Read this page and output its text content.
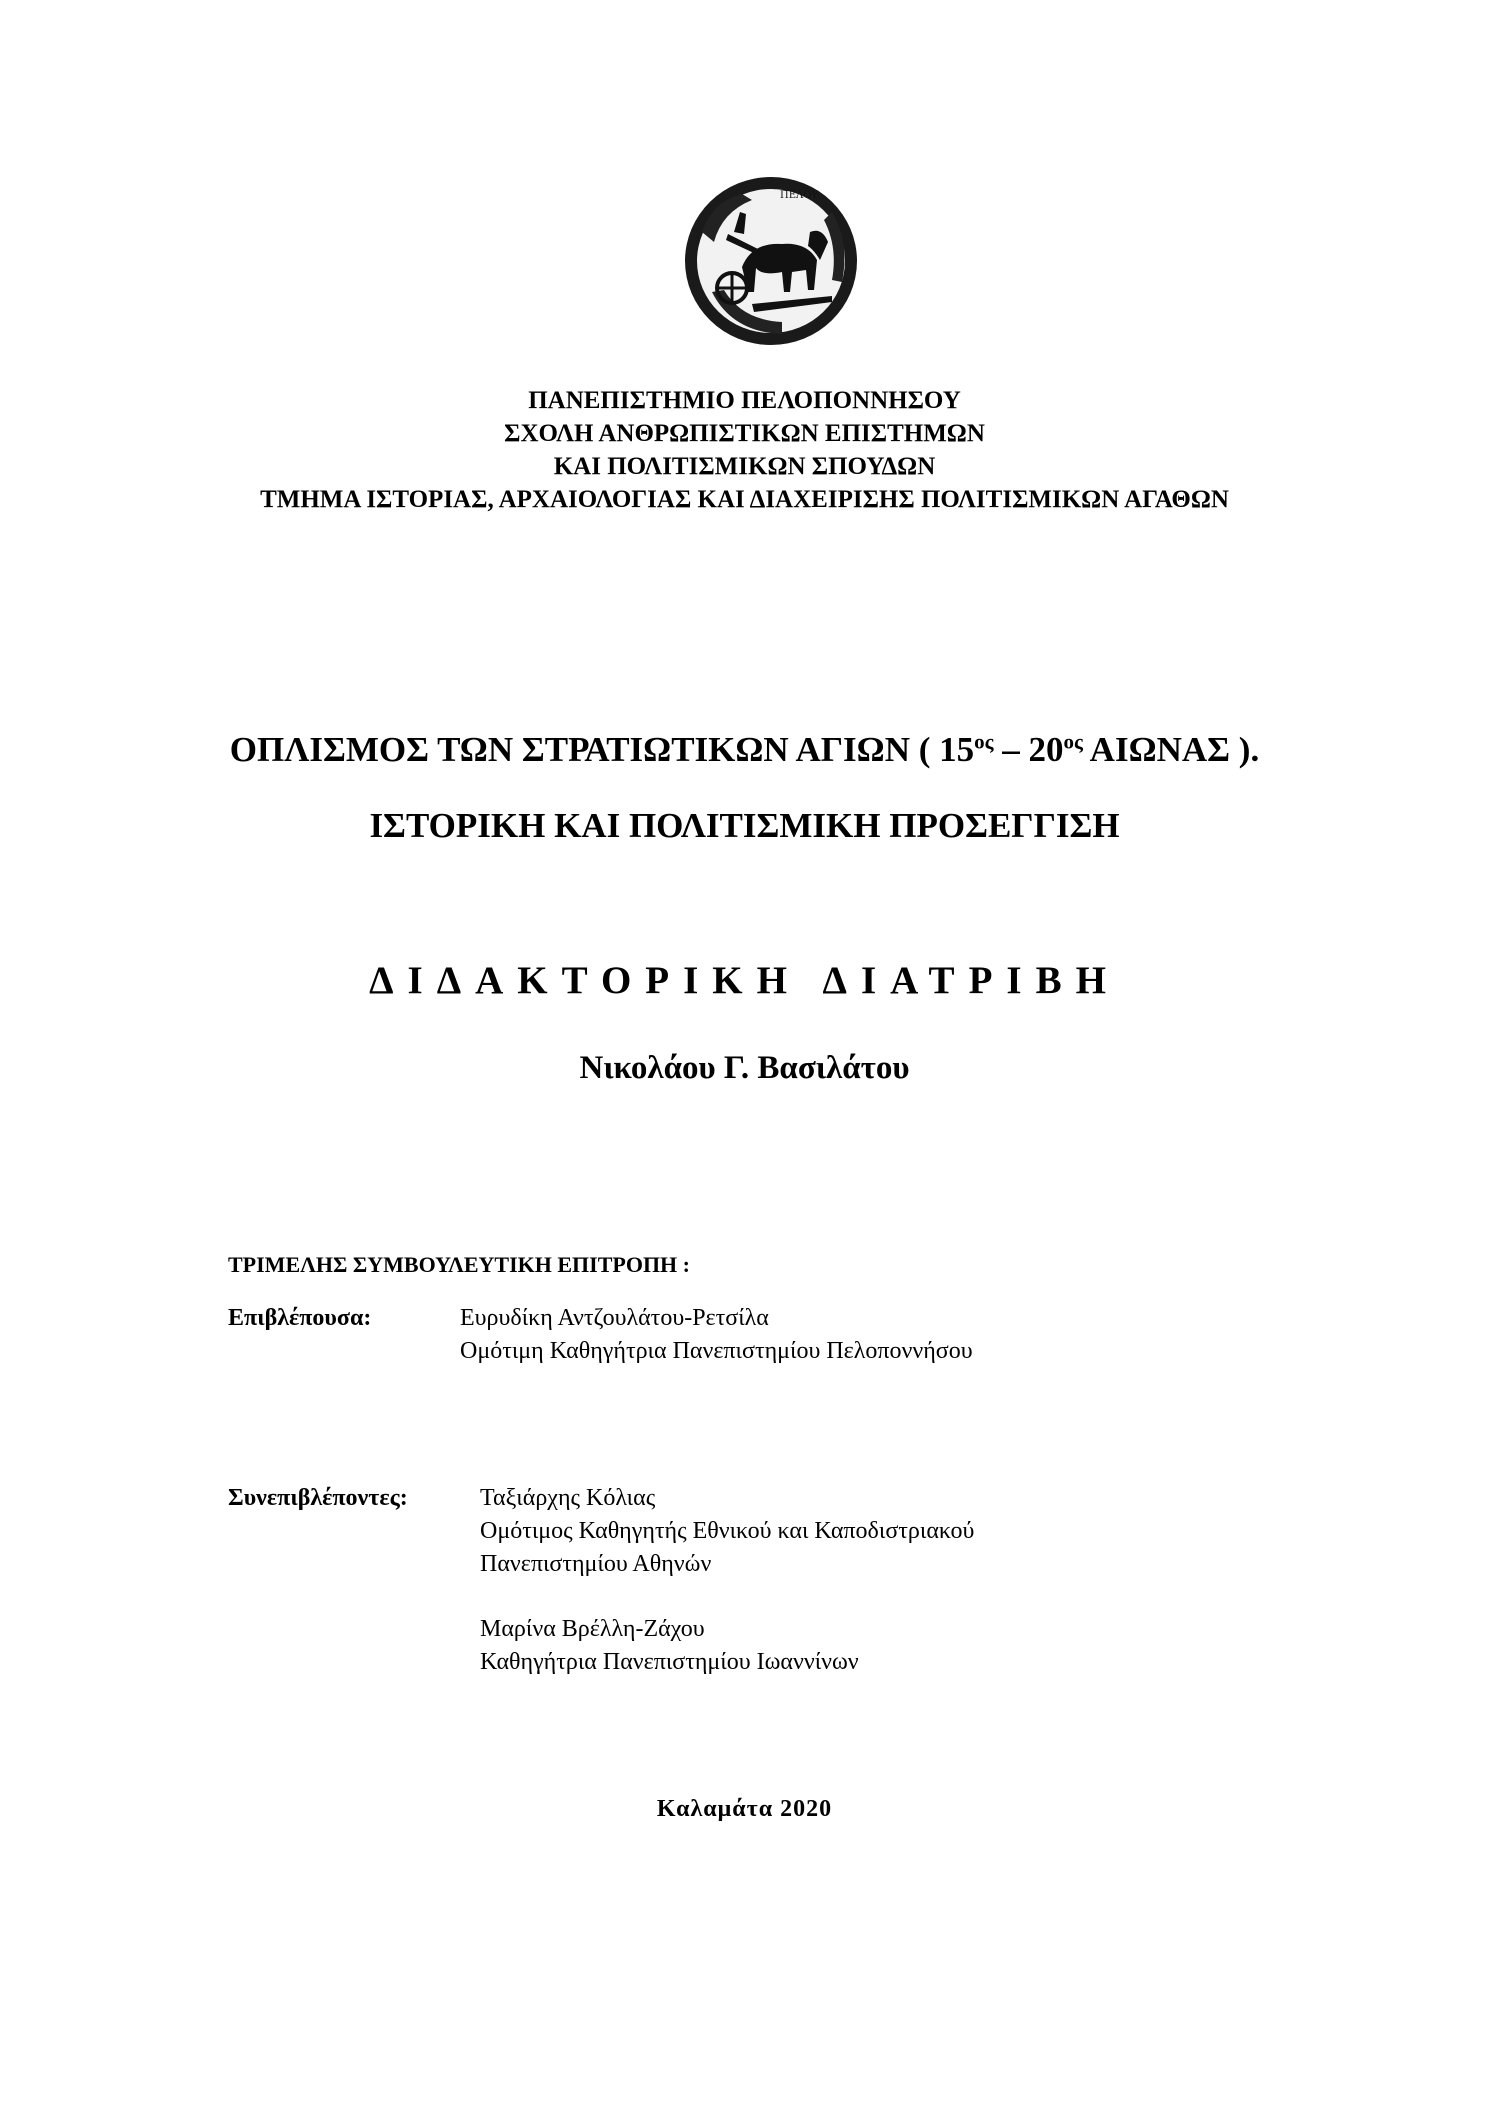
ΠΕΛΟΥ
ΠΑΝΕΠΙΣΤΗΜΙΟ ΠΕΛΟΠΟΝΝΗΣΟΥ
ΣΧΟΛΗ ΑΝΘΡΩΠΙΣΤΙΚΩΝ ΕΠΙΣΤΗΜΩΝ
ΚΑΙ ΠΟΛΙΤΙΣΜΙΚΩΝ ΣΠΟΥΔΩΝ
ΤΜΗΜΑ ΙΣΤΟΡΙΑΣ, ΑΡΧΑΙΟΛΟΓΙΑΣ ΚΑΙ ΔΙΑΧΕΙΡΙΣΗΣ ΠΟΛΙΤΙΣΜΙΚΩΝ ΑΓΑΘΩΝ
ΟΠΛΙΣΜΟΣ ΤΩΝ ΣΤΡΑΤΙΩΤΙΚΩΝ ΑΓΙΩΝ ( $15^{o\varsigma} - 20^{o\varsigma}$ ΑΙΩΝΑΣ ).
ΙΣΤΟΡΙΚΗ ΚΑΙ ΠΟΛΙΤΙΣΜΙΚΗ ΠΡΟΣΕΓΓΙΣΗ
ΔΙΔΑΚΤΟΡΙΚΗ ΔΙΑΤΡΙΒΗ
Νικολάου Γ. Βασιλάτου
ΤΡΙΜΕΛΗΣ ΣΥΜΒΟΥΛΕΥΤΙΚΗ ΕΠΙΤΡΟΠΗ :
Επιβλέπουσα:	Ευρυδίκη Αντζουλάτου-Ρετσίλα
Ομότιμη Καθηγήτρια Πανεπιστημίου Πελοποννήσου
Συνεπιβλέποντες:	Ταξιάρχης Κόλιας
Ομότιμος Καθηγητής Εθνικού και Καποδιστριακού
Πανεπιστημίου Αθηνών
Μαρίνα Βρέλλη-Ζάχου
Καθηγήτρια Πανεπιστημίου Ιωαννίνων
Καλαμάτα 2020
